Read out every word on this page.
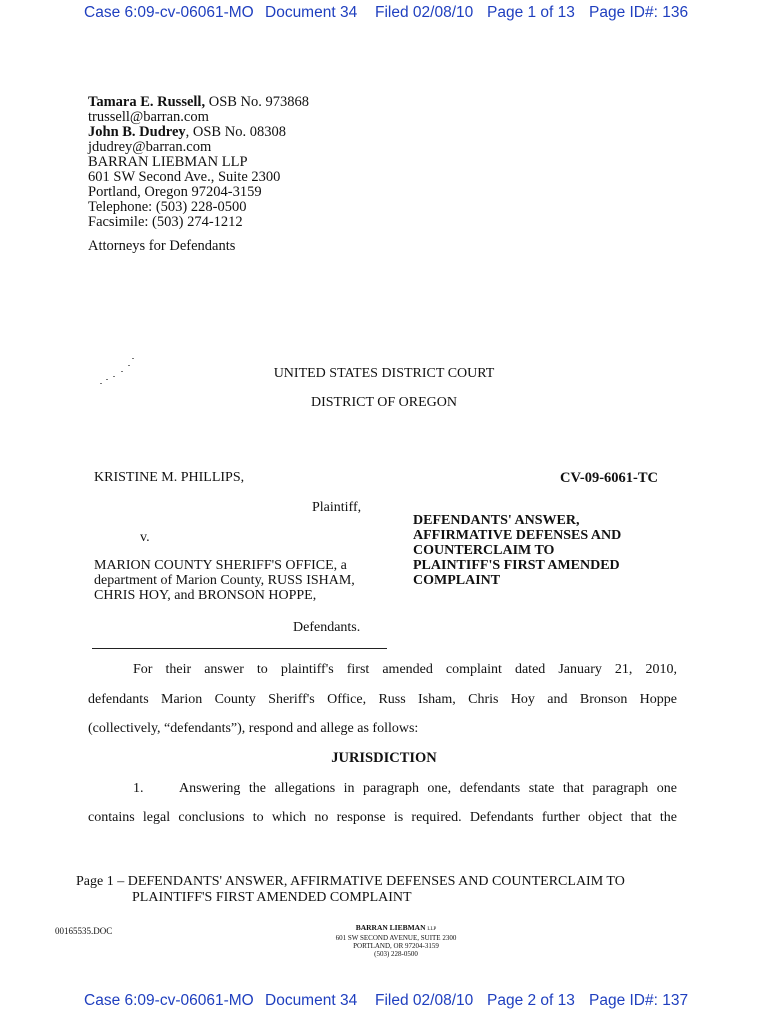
Case 6:09-cv-06061-MO Document 34 Filed 02/08/10 Page 1 of 13 Page ID#: 136
Tamara E. Russell, OSB No. 973868
trussell@barran.com
John B. Dudrey, OSB No. 08308
jdudrey@barran.com
BARRAN LIEBMAN LLP
601 SW Second Ave., Suite 2300
Portland, Oregon 97204-3159
Telephone: (503) 228-0500
Facsimile: (503) 274-1212
Attorneys for Defendants
UNITED STATES DISTRICT COURT
DISTRICT OF OREGON
KRISTINE M. PHILLIPS,	CV-09-6061-TC
Plaintiff,
v.
MARION COUNTY SHERIFF'S OFFICE, a
department of Marion County, RUSS ISHAM,
CHRIS HOY, and BRONSON HOPPE,
DEFENDANTS' ANSWER,
AFFIRMATIVE DEFENSES AND
COUNTERCLAIM TO
PLAINTIFF'S FIRST AMENDED
COMPLAINT
Defendants.
For their answer to plaintiff's first amended complaint dated January 21, 2010,
defendants Marion County Sheriff's Office, Russ Isham, Chris Hoy and Bronson Hoppe
(collectively, “defendants”), respond and allege as follows:
JURISDICTION
1.	Answering the allegations in paragraph one, defendants state that paragraph one
contains legal conclusions to which no response is required. Defendants further object that the
Page 1 – DEFENDANTS' ANSWER, AFFIRMATIVE DEFENSES AND COUNTERCLAIM TO
PLAINTIFF'S FIRST AMENDED COMPLAINT
00165535.DOC	BARRAN LIEBMAN LLP
601 SW SECOND AVENUE, SUITE 2300
PORTLAND, OR 97204-3159
(503) 228-0500
Case 6:09-cv-06061-MO Document 34 Filed 02/08/10 Page 2 of 13 Page ID#: 137
